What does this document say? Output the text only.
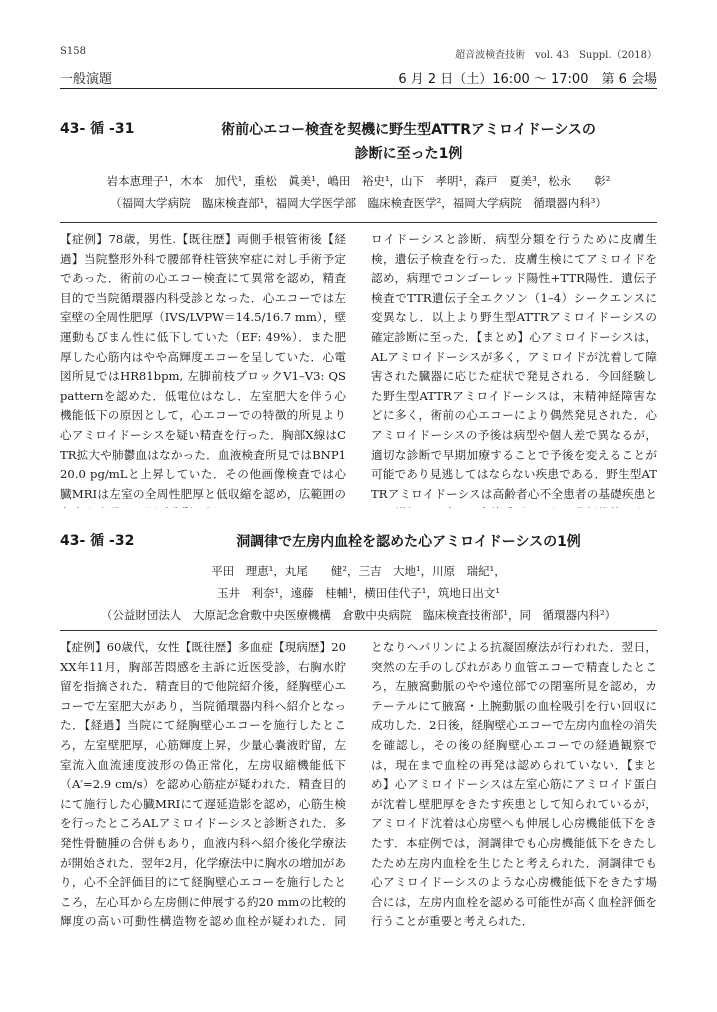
S158	超音波検査技術　vol. 43　Suppl.（2018）
一般演題	6 月 2 日（土）16:00 〜 17:00　第 6 会場
43- 循 -31	術前心エコー検査を契機に野生型ATTRアミロイドーシスの
診断に至った1例
岩本恵理子¹，木本　加代¹，重松　眞美¹，嶋田　裕史¹，山下　孝明¹，森戸　夏美³，松永　　彰²
（福岡大学病院　臨床検査部¹，福岡大学医学部　臨床検査医学²，福岡大学病院　循環器内科³）
【症例】78歳，男性.【既往歴】両側手根管術後【経過】当院整形外科で腰部脊柱管狭窄症に対し手術予定であった．術前の心エコー検査にて異常を認め，精査目的で当院循環器内科受診となった．心エコーでは左室壁の全周性肥厚（IVS/LVPW＝14.5/16.7 mm），壁運動もびまん性に低下していた（EF: 49%）．また肥厚した心筋内はやや高輝度エコーを呈していた．心電図所見ではHR81bpm, 左脚前枝ブロックV1–V3: QSpatternを認めた．低電位はなし．左室肥大を伴う心機能低下の原因として，心エコーでの特徴的所見より心アミロイドーシスを疑い精査を行った．胸部X線はCTR拡大や肺鬱血はなかった．血液検査所見ではBNP120.0 pg/mLと上昇していた．その他画像検査では心臓MRIは左室の全周性肥厚と低収縮を認め，広範囲の
ロイドーシスと診断．病型分類を行うために皮膚生検，遺伝子検査を行った．皮膚生検にてアミロイドを認め，病理でコンゴーレッド陽性+TTR陽性．遺伝子検査でTTR遺伝子全エクソン（1–4）シークエンスに変異なし．以上より野生型ATTRアミロイドーシスの確定診断に至った．【まとめ】心アミロイドーシスは，ALアミロイドーシスが多く，アミロイドが沈着して障害された臓器に応じた症状で発見される．今回経験した野生型ATTRアミロイドーシスは，末精神経障害などに多く，術前の心エコーにより偶然発見された．心アミロイドーシスの予後は病型や個人差で異なるが，適切な診断で早期加療することで予後を変えることが可能であり見逃してはならない疾患である．野生型ATTRアミロイドーシスは高齢者心不全患者の基礎疾患と
43- 循 -32	洞調律で左房内血栓を認めた心アミロイドーシスの1例
平田　理恵¹，丸尾　　健²，三吉　大地¹，川原　瑞紀¹，
玉井　利奈¹，遠藤　桂輔¹，横田佳代子¹，筑地日出文¹
（公益財団法人　大原記念倉敷中央医療機構　倉敷中央病院　臨床検査技術部¹，同　循環器内科²）
【症例】60歳代，女性【既往歴】多血症【現病歴】20XX年11月，胸部苦悶感を主訴に近医受診，右胸水貯留を指摘された．精査目的で他院紹介後，経胸壁心エコーで左室肥大があり，当院循環器内科へ紹介となった．【経過】当院にて経胸壁心エコーを施行したところ，左室壁肥厚，心筋輝度上昇，少量心嚢液貯留，左室流入血流速度波形の偽正常化，左房収縮機能低下（A′=2.9 cm/s）を認め心筋症が疑われた．精査目的にて施行した心臓MRIにて遅延造影を認め，心筋生検を行ったところALアミロイドーシスと診断された．多発性骨髄腫の合併もあり，血液内科へ紹介後化学療法が開始された．翌年2月，化学療法中に胸水の増加があり，心不全評価目的にて経胸壁心エコーを施行したところ，左心耳から左房側に伸展する約20 mmの比較的輝度の高い可動性構造物を認め血栓が疑われた．同
となりヘパリンによる抗凝固療法が行われた．翌日，突然の左手のしびれがあり血管エコーで精査したところ，左腋窩動脈のやや遠位部での閉塞所見を認め，カテーテルにて腋窩・上腕動脈の血栓吸引を行い回収に成功した．2日後，経胸壁心エコーで左房内血栓の消失を確認し，その後の経胸壁心エコーでの経過観察では，現在まで血栓の再発は認められていない．【まとめ】心アミロイドーシスは左室心筋にアミロイド蛋白が沈着し壁肥厚をきたす疾患として知られているが，アミロイド沈着は心房壁へも伸展し心房機能低下をきたす．本症例では，洞調律でも心房機能低下をきたしたため左房内血栓を生じたと考えられた．洞調律でも心アミロイドーシスのような心房機能低下をきたす場合には，左房内血栓を認める可能性が高く血栓評価を行うことが重要と考えられた．
